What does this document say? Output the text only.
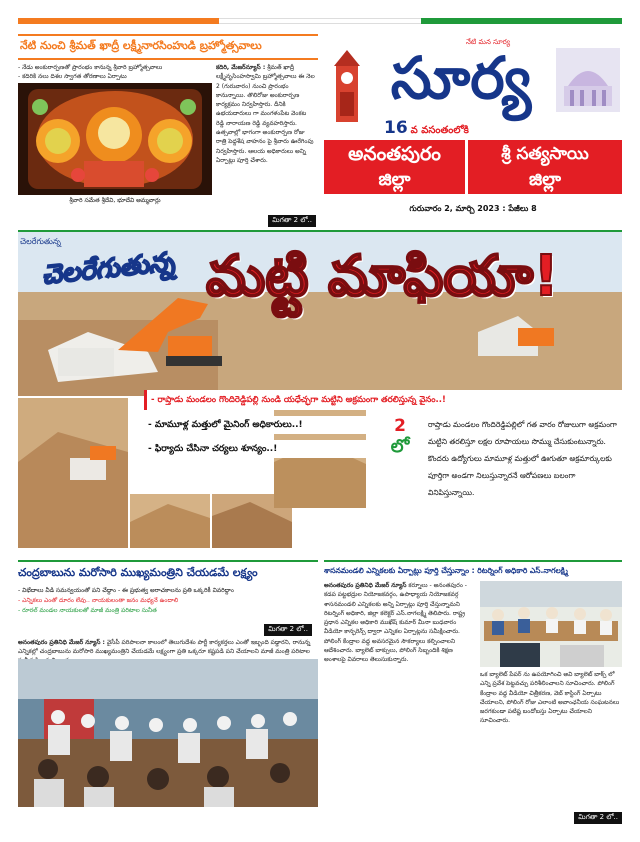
నేటి నుంచి శ్రీమత్ ఖాద్రీ లక్ష్మీనారసింహుడి బ్రహ్మోత్సవాలు
- నేడు అంకురార్పణతో ప్రారంభం కానున్న శ్రీవారి బ్రహ్మోత్సవాలు
- కదిరికి నలు దిశల స్వాగత తోరణాలు ఏర్పాటు
శ్రీవారి సమేత శ్రీదేవి, భూదేవి అమ్మవార్లు
కదిరి, మేజర్‌న్యూస్ : శ్రీమత్ ఖాద్రీ లక్ష్మీనృసింహస్వామి బ్రహ్మోత్సవాలు ఈ నెల 2 (గురువారం) నుంచి ప్రారంభం కానున్నాయి. తొలిరోజు అంకురార్పణ కార్యక్రమం నిర్వహిస్తారు. దీనికి ఉభయదారులు గా మంగళంపేట వెంకట రెడ్డి నారాయణ రెడ్డి వ్యవహరిస్తారు. ఉత్సవాల్లో భాగంగా అంకురార్పణ రోజు రాత్రి పెద్దశేష వాహనం పై శ్రీవారు ఊరేగింపు నిర్వహిస్తారు. ఆలయ అధికారులు అన్ని ఏర్పాట్లు పూర్తి చేశారు.
మిగతా 2 లో..
నేటి మన సూర్య
సూర్య
16 వ వసంతంలోకి
అనంతపురం
జిల్లా
శ్రీ సత్యసాయి
జిల్లా
గురువారం 2, మార్చి 2023 : పేజీలు 8
చెలరేగుతున్న
చెలరేగుతున్న మట్టి మాఫియా!
- రాప్తాడు మండలం గొందిరెడ్డిపల్లి నుండి యధేచ్ఛగా మట్టిని అక్రమంగా తరలిస్తున్న వైనం..!
- మామూళ్ల మత్తులో మైనింగ్ అధికారులు..!
- ఫిర్యాదు చేసినా చర్యలు శూన్యం..!
2
లో
రాప్తాడు మండలం గొందిరెడ్డిపల్లిలో గత వారం రోజులుగా అక్రమంగా మట్టిని తరలిస్తూ లక్షల రూపాయలు సొమ్ము చేసుకుంటున్నారు. కొందరు ఉద్యోగులు మామూళ్ల మత్తులో ఊగుతూ అక్రమార్కులకు పూర్తిగా అండగా నిలుస్తున్నారనే ఆరోపణలు బలంగా వినిపిస్తున్నాయి.
చంద్రబాబును మరోసారి ముఖ్యమంత్రిని చేయడమే లక్ష్యం
- విభేదాలు వీడి సమన్వయంతో పని చేద్దాం - ఈ ప్రభుత్వ అరాచకాలను ప్రతి ఒక్కరికీ వివరిద్దాం
- ఎన్నికలు ఎంతో దూరం లేవు.. నాయకులంతా జనం మధ్యనే ఉందాలి
- రూరల్ మండల నాయకులతో మాజీ మంత్రి పరిటాల సునీత
మిగతా 2 లో..
అనంతపురం ప్రతినిధి మేజర్ న్యూస్ : వైసీపీ పరిపాలనా కాలంలో తెలుగుదేశం పార్టీ కార్యకర్తలు ఎంతో ఇబ్బంది పడ్డారని, రానున్న ఎన్నికల్లో చంద్రబాబును మరోసారి ముఖ్యమంత్రిని చేయడమే లక్ష్యంగా ప్రతి ఒక్కరూ కష్టపడి పని చేయాలని మాజీ మంత్రి పరిటాల
శాసనమండలి ఎన్నికలకు ఏర్పాట్లు పూర్తి చేస్తున్నాం : రిటర్నింగ్ అధికారి ఎస్.నాగలక్ష్మి
అనంతపురం ప్రతినిధి మేజర్ న్యూస్ కర్నూలు - అనంతపురం - కడప పట్టభద్రుల నియోజకవర్గం, ఉపాధ్యాయ నియోజకవర్గ శాసనమండలి ఎన్నికలకు అన్ని ఏర్పాట్లు పూర్తి చేస్తున్నామని రిటర్నింగ్ అధికారి, జిల్లా కలెక్టర్ ఎస్.నాగలక్ష్మి తెలిపారు. రాష్ట్ర ప్రధాన ఎన్నికల అధికారి ముఖేష్ కుమార్ మీనా బుధవారం వీడియో కాన్ఫరెన్స్ ద్వారా ఎన్నికల ఏర్పాట్లను సమీక్షించారు. పోలింగ్ కేంద్రాల వద్ద అవసరమైన సౌకర్యాలు కల్పించాలని ఆదేశించారు. బ్యాలెట్ బాక్సులు, పోలింగ్ సిబ్బందికి శిక్షణ అంశాలపై వివరాలు తెలుసుకున్నారు.
ఒక బ్యాలెట్ పేపర్ ను ఉపయోగించి అవి బ్యాలెట్ బాక్స్ లో ఎన్ని ప్రవేశ పెట్టవచ్చు పరిశీలించాలని సూచించారు. పోలింగ్ కేంద్రాల వద్ద వీడియో చిత్రీకరణ, వెబ్ కాస్టింగ్ ఏర్పాటు చేయాలని, పోలింగ్ రోజు ఎలాంటి అవాంఛనీయ సంఘటనలు జరగకుండా పటిష్ట బందోబస్తు ఏర్పాటు చేయాలని సూచించారు.
మిగతా 2 లో..
